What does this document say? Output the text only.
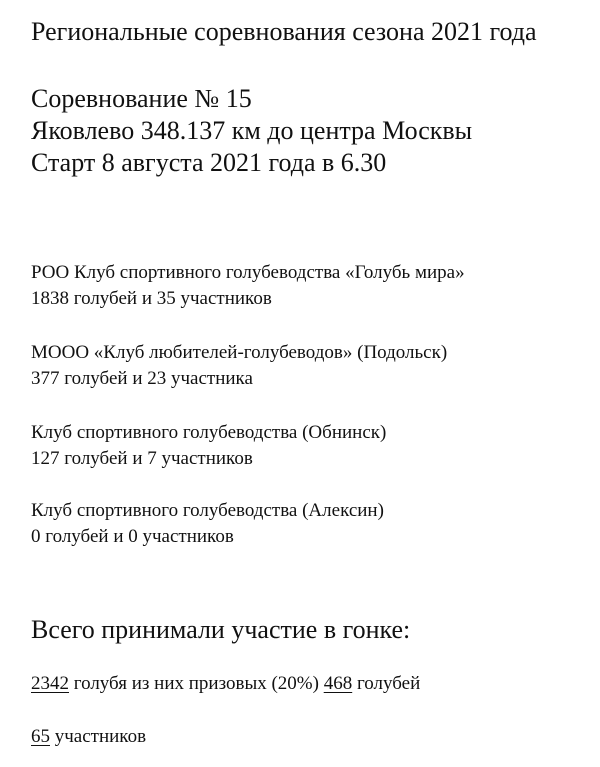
Региональные соревнования сезона 2021 года
Соревнование № 15
Яковлево 348.137 км до центра Москвы
Старт 8 августа 2021 года в 6.30
РОО Клуб спортивного голубеводства «Голубь мира»
1838 голубей и 35 участников
МООО «Клуб любителей-голубеводов» (Подольск)
377 голубей и 23 участника
Клуб спортивного голубеводства (Обнинск)
127 голубей и 7 участников
Клуб спортивного голубеводства (Алексин)
0 голубей и 0 участников
Всего принимали участие в гонке:
2342 голубя из них призовых (20%) 468 голубей
65 участников
